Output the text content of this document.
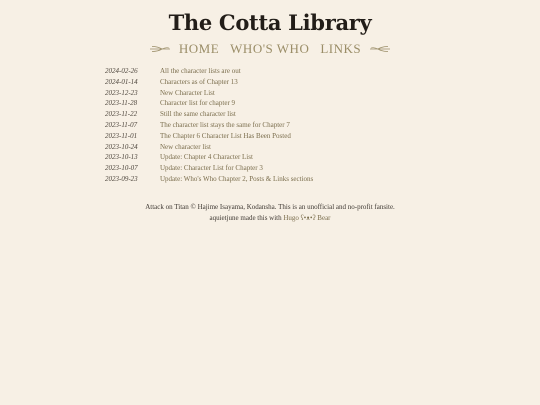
The Cotta Library
HOME WHO'S WHO LINKS
2024-02-26	All the character lists are out
2024-01-14	Characters as of Chapter 13
2023-12-23	New Character List
2023-11-28	Character list for chapter 9
2023-11-22	Still the same character list
2023-11-07	The character list stays the same for Chapter 7
2023-11-01	The Chapter 6 Character List Has Been Posted
2023-10-24	New character list
2023-10-13	Update: Chapter 4 Character List
2023-10-07	Update: Character List for Chapter 3
2023-09-23	Update: Who's Who Chapter 2, Posts & Links sections
Attack on Titan © Hajime Isayama, Kodansha. This is an unofficial and no-profit fansite.
aquietjune made this with Hugo ʕ•ᴥ•ʔ Bear
